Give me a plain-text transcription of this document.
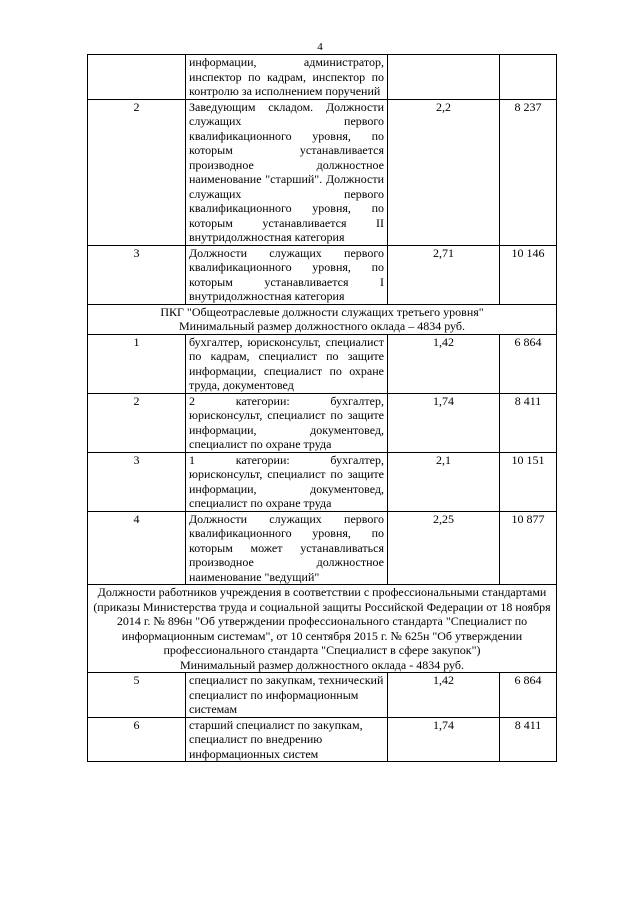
4
	информации, администратор, инспектор по кадрам, инспектор по контролю за исполнением поручений		
2	Заведующим складом. Должности служащих первого квалификационного уровня, по которым устанавливается производное должностное наименование "старший". Должности служащих первого квалификационного уровня, по которым устанавливается II внутридолжностная категория	2,2	8 237
3	Должности служащих первого квалификационного уровня, по которым устанавливается I внутридолжностная категория	2,71	10 146

ПКГ "Общеотраслевые должности служащих третьего уровня"
Минимальный размер должностного оклада – 4834 руб.			

1	бухгалтер, юрисконсульт, специалист по кадрам, специалист по защите информации, специалист по охране труда, документовед	1,42	6 864
2	2 категории: бухгалтер, юрисконсульт, специалист по защите информации, документовед, специалист по охране труда	1,74	8 411
3	1 категории: бухгалтер, юрисконсульт, специалист по защите информации, документовед, специалист по охране труда	2,1	10 151
4	Должности служащих первого квалификационного уровня, по которым может устанавливаться производное должностное наименование "ведущий"	2,25	10 877

Должности работников учреждения в соответствии с профессиональными стандартами (приказы Министерства труда и социальной защиты Российской Федерации от 18 ноября 2014 г. № 896н "Об утверждении профессионального стандарта "Специалист по информационным системам", от 10 сентября 2015 г. № 625н "Об утверждении профессионального стандарта "Специалист в сфере закупок")
Минимальный размер должностного оклада - 4834 руб.			

5	специалист по закупкам, технический специалист по информационным системам	1,42	6 864
6	старший специалист по закупкам, специалист по внедрению информационных систем	1,74	8 411
